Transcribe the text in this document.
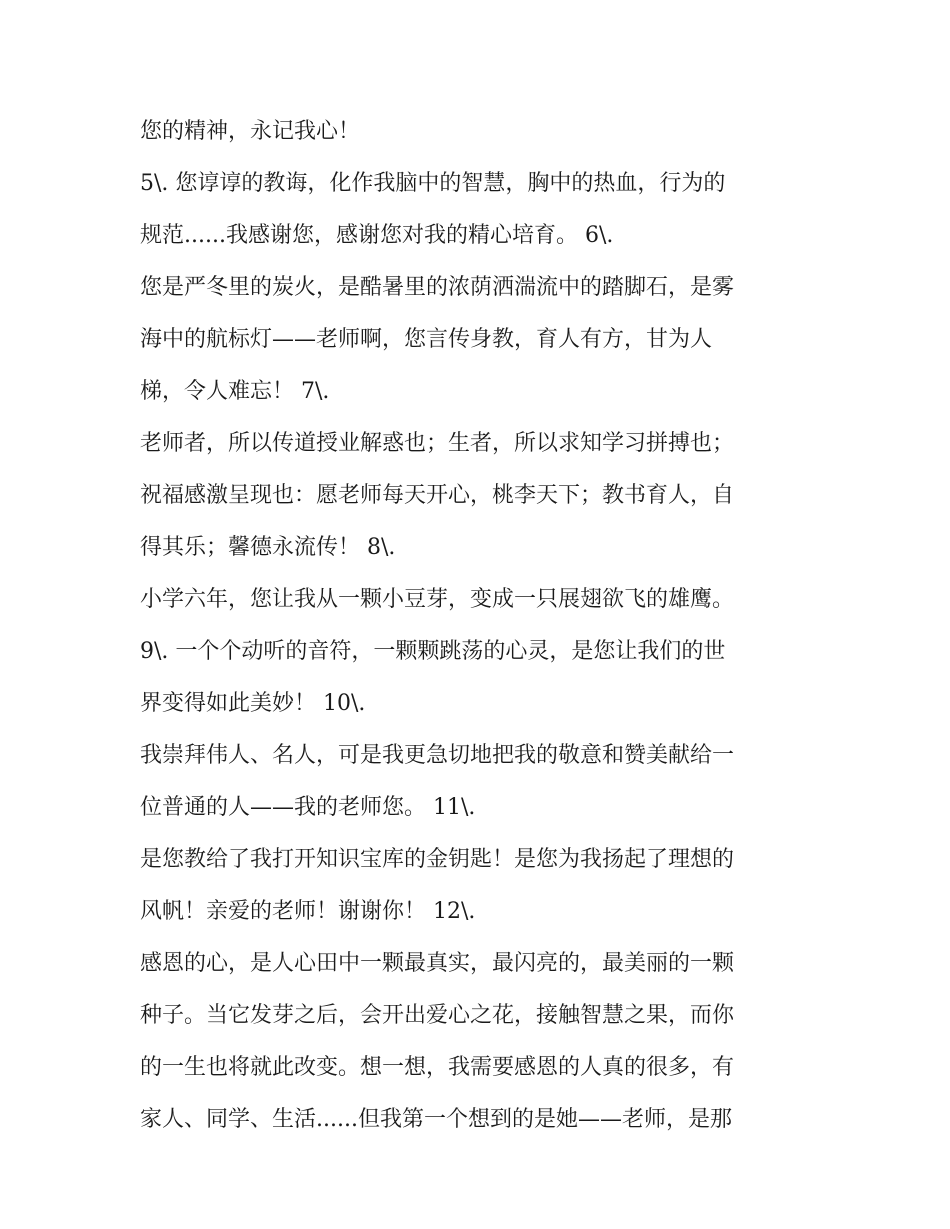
您的精神，永记我心！
5\. 您谆谆的教诲，化作我脑中的智慧，胸中的热血，行为的
规范......我感谢您，感谢您对我的精心培育。 6\.
您是严冬里的炭火，是酷暑里的浓荫洒湍流中的踏脚石，是雾
海中的航标灯——老师啊，您言传身教，育人有方，甘为人
梯，令人难忘！ 7\.
老师者，所以传道授业解惑也；生者，所以求知学习拼搏也；
祝福感激呈现也：愿老师每天开心，桃李天下；教书育人，自
得其乐；馨德永流传！ 8\.
小学六年，您让我从一颗小豆芽，变成一只展翅欲飞的雄鹰。
9\. 一个个动听的音符，一颗颗跳荡的心灵，是您让我们的世
界变得如此美妙！ 10\.
我崇拜伟人、名人，可是我更急切地把我的敬意和赞美献给一
位普通的人——我的老师您。 11\.
是您教给了我打开知识宝库的金钥匙！是您为我扬起了理想的
风帆！亲爱的老师！谢谢你！ 12\.
感恩的心，是人心田中一颗最真实，最闪亮的，最美丽的一颗
种子。当它发芽之后，会开出爱心之花，接触智慧之果，而你
的一生也将就此改变。想一想，我需要感恩的人真的很多，有
家人、同学、生活......但我第一个想到的是她——老师，是那
